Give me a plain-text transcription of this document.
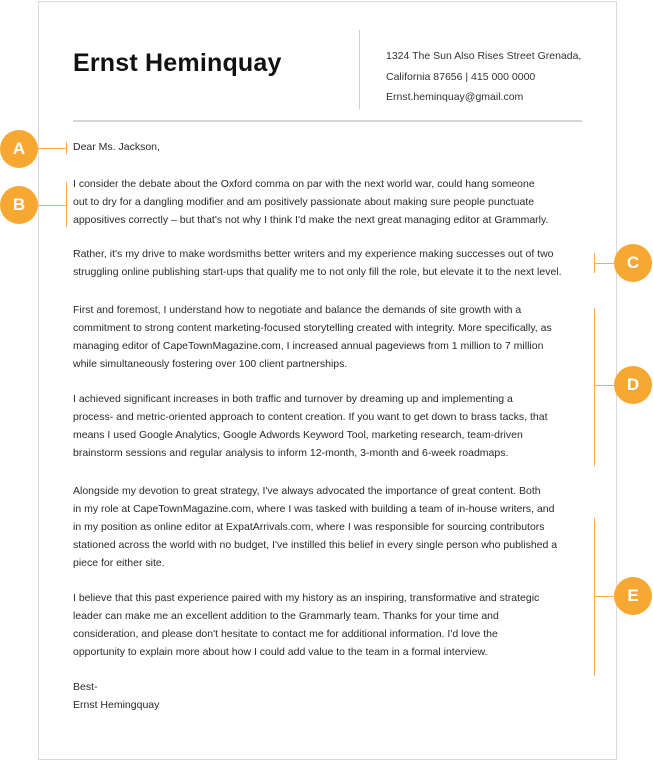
Ernst Heminquay	1324 The Sun Also Rises Street Grenada,
California 87656 | 415 000 0000
Ernst.heminquay@gmail.com
Dear Ms. Jackson,
I consider the debate about the Oxford comma on par with the next world war, could hang someone
out to dry for a dangling modifier and am positively passionate about making sure people punctuate
appositives correctly – but that's not why I think I'd make the next great managing editor at Grammarly.
Rather, it's my drive to make wordsmiths better writers and my experience making successes out of two
struggling online publishing start-ups that qualify me to not only fill the role, but elevate it to the next level.
First and foremost, I understand how to negotiate and balance the demands of site growth with a
commitment to strong content marketing-focused storytelling created with integrity. More specifically, as
managing editor of CapeTownMagazine.com, I increased annual pageviews from 1 million to 7 million
while simultaneously fostering over 100 client partnerships.
I achieved significant increases in both traffic and turnover by dreaming up and implementing a
process- and metric-oriented approach to content creation. If you want to get down to brass tacks, that
means I used Google Analytics, Google Adwords Keyword Tool, marketing research, team-driven
brainstorm sessions and regular analysis to inform 12-month, 3-month and 6-week roadmaps.
Alongside my devotion to great strategy, I've always advocated the importance of great content. Both
in my role at CapeTownMagazine.com, where I was tasked with building a team of in-house writers, and
in my position as online editor at ExpatArrivals.com, where I was responsible for sourcing contributors
stationed across the world with no budget, I've instilled this belief in every single person who published a
piece for either site.
I believe that this past experience paired with my history as an inspiring, transformative and strategic
leader can make me an excellent addition to the Grammarly team. Thanks for your time and
consideration, and please don't hesitate to contact me for additional information. I'd love the
opportunity to explain more about how I could add value to the team in a formal interview.
Best-
Ernst Hemingquay
A
B
C
D
E
